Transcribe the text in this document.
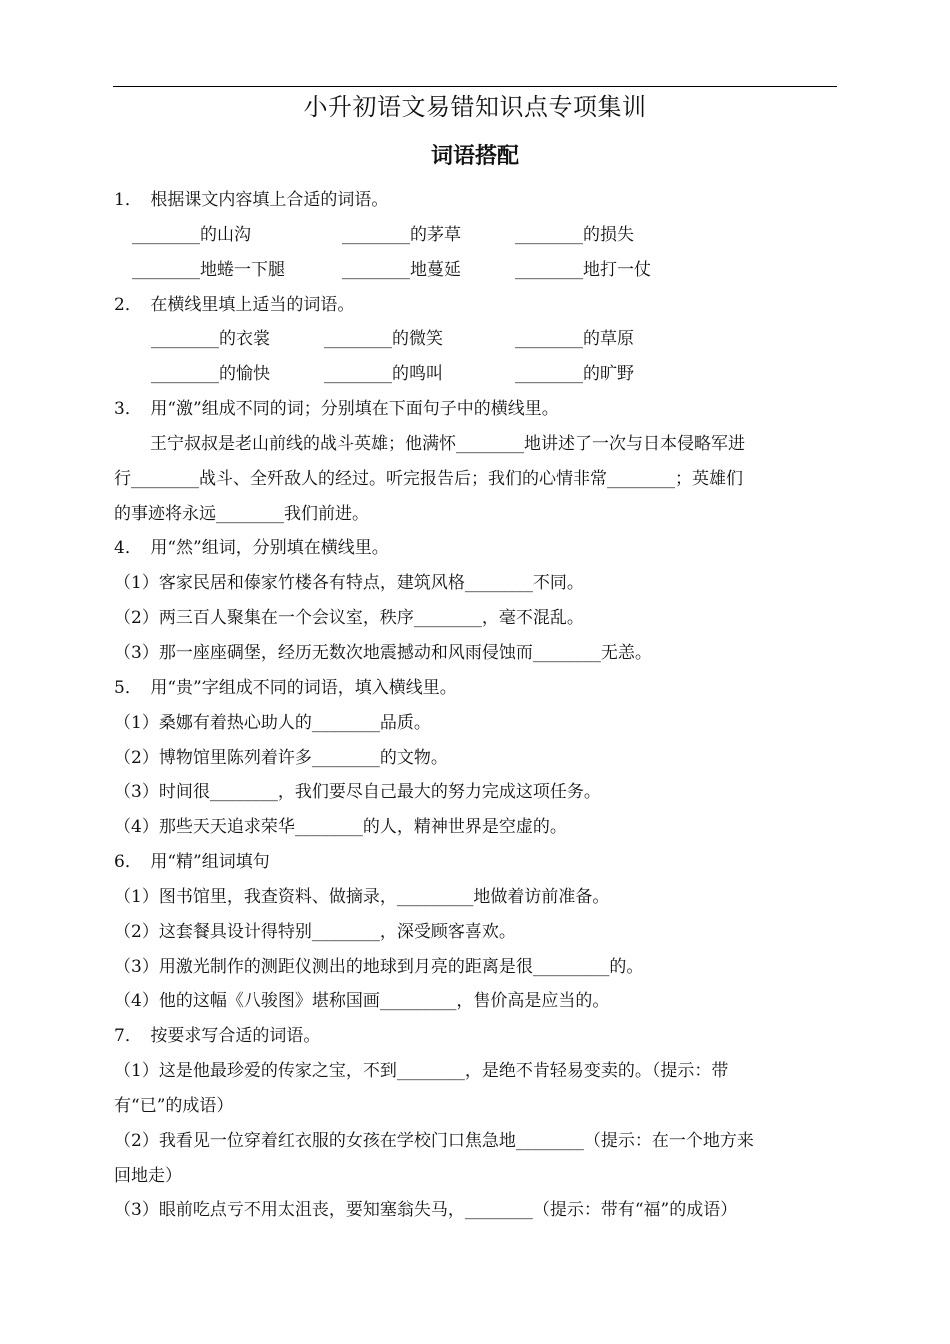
小升初语文易错知识点专项集训
词语搭配
1．　根据课文内容填上合适的词语。
________的山沟	________的茅草	________的损失
________地蜷一下腿	________地蔓延	________地打一仗
2．　在横线里填上适当的词语。
________的衣裳	________的微笑	________的草原
________的愉快	________的鸣叫	________的旷野
3．　用“激”组成不同的词；分别填在下面句子中的横线里。
王宁叔叔是老山前线的战斗英雄；他满怀________地讲述了一次与日本侵略军进
行________战斗、全歼敌人的经过。听完报告后；我们的心情非常________；英雄们
的事迹将永远________我们前进。
4．　用“然”组词，分别填在横线里。
（1）客家民居和傣家竹楼各有特点，建筑风格________不同。
（2）两三百人聚集在一个会议室，秩序________，毫不混乱。
（3）那一座座碉堡，经历无数次地震撼动和风雨侵蚀而________无恙。
5．　用“贵”字组成不同的词语，填入横线里。
（1）桑娜有着热心助人的________品质。
（2）博物馆里陈列着许多________的文物。
（3）时间很________，我们要尽自己最大的努力完成这项任务。
（4）那些天天追求荣华________的人，精神世界是空虚的。
6．　用“精”组词填句
（1）图书馆里，我查资料、做摘录，_________地做着访前准备。
（2）这套餐具设计得特别________，深受顾客喜欢。
（3）用激光制作的测距仪测出的地球到月亮的距离是很_________的。
（4）他的这幅《八骏图》堪称国画_________，售价高是应当的。
7．　按要求写合适的词语。
（1）这是他最珍爱的传家之宝，不到________，是绝不肯轻易变卖的。（提示：带
有“已”的成语）
（2）我看见一位穿着红衣服的女孩在学校门口焦急地________（提示：在一个地方来
回地走）
（3）眼前吃点亏不用太沮丧，要知塞翁失马，________（提示：带有“福”的成语）
